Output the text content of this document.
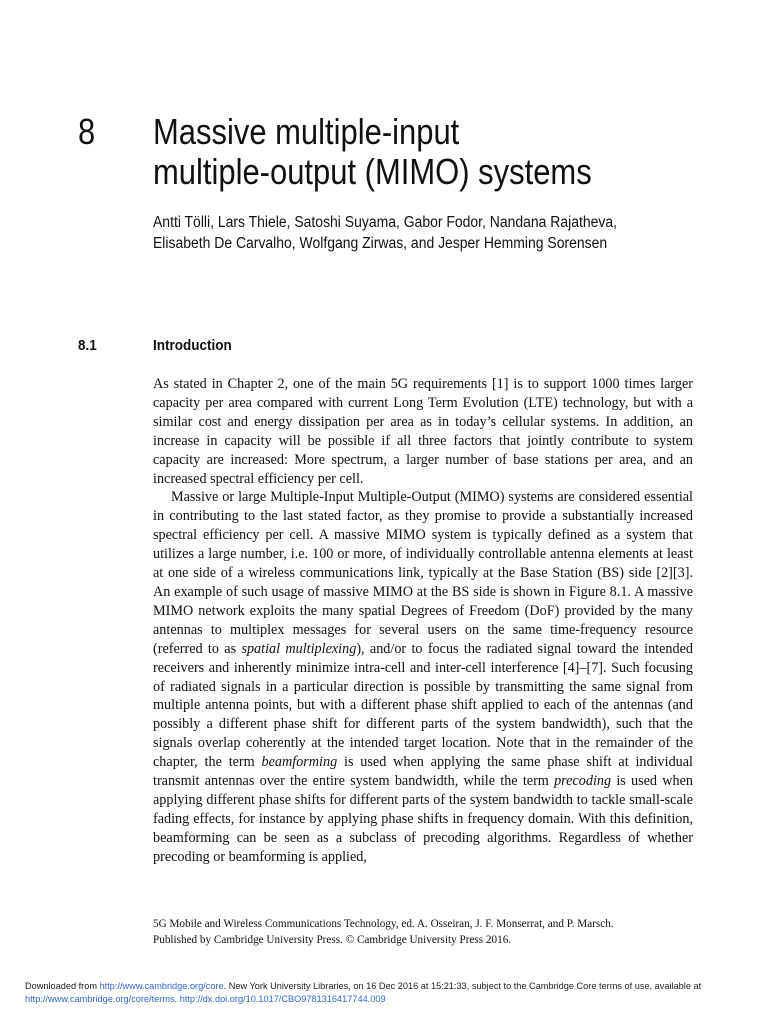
8	Massive multiple-input
multiple-output (MIMO) systems
Antti Tölli, Lars Thiele, Satoshi Suyama, Gabor Fodor, Nandana Rajatheva,
Elisabeth De Carvalho, Wolfgang Zirwas, and Jesper Hemming Sorensen
8.1	Introduction

As stated in Chapter 2, one of the main 5G requirements [1] is to support 1000 times larger capacity per area compared with current Long Term Evolution (LTE) technology, but with a similar cost and energy dissipation per area as in today’s cellular systems. In addition, an increase in capacity will be possible if all three factors that jointly contribute to system capacity are increased: More spectrum, a larger number of base stations per area, and an increased spectral efficiency per cell.

Massive or large Multiple-Input Multiple-Output (MIMO) systems are considered essential in contributing to the last stated factor, as they promise to provide a substantially increased spectral efficiency per cell. A massive MIMO system is typically defined as a system that utilizes a large number, i.e. 100 or more, of individually controllable antenna elements at least at one side of a wireless communications link, typically at the Base Station (BS) side [2][3]. An example of such usage of massive MIMO at the BS side is shown in Figure 8.1. A massive MIMO network exploits the many spatial Degrees of Freedom (DoF) provided by the many antennas to multiplex messages for several users on the same time-frequency resource (referred to as spatial multiplexing), and/or to focus the radiated signal toward the intended receivers and inherently minimize intra-cell and inter-cell interference [4]–[7]. Such focusing of radiated signals in a particular direction is possible by transmitting the same signal from multiple antenna points, but with a different phase shift applied to each of the antennas (and possibly a different phase shift for different parts of the system bandwidth), such that the signals overlap coherently at the intended target location. Note that in the remainder of the chapter, the term beamforming is used when applying the same phase shift at individual transmit antennas over the entire system bandwidth, while the term precoding is used when applying different phase shifts for different parts of the system bandwidth to tackle small-scale fading effects, for instance by applying phase shifts in frequency domain. With this definition, beamforming can be seen as a subclass of precoding algorithms. Regardless of whether precoding or beamforming is applied,

5G Mobile and Wireless Communications Technology, ed. A. Osseiran, J. F. Monserrat, and P. Marsch.
Published by Cambridge University Press. © Cambridge University Press 2016.
Downloaded from http://www.cambridge.org/core. New York University Libraries, on 16 Dec 2016 at 15:21:33, subject to the Cambridge Core terms of use, available at
http://www.cambridge.org/core/terms. http://dx.doi.org/10.1017/CBO9781316417744.009
